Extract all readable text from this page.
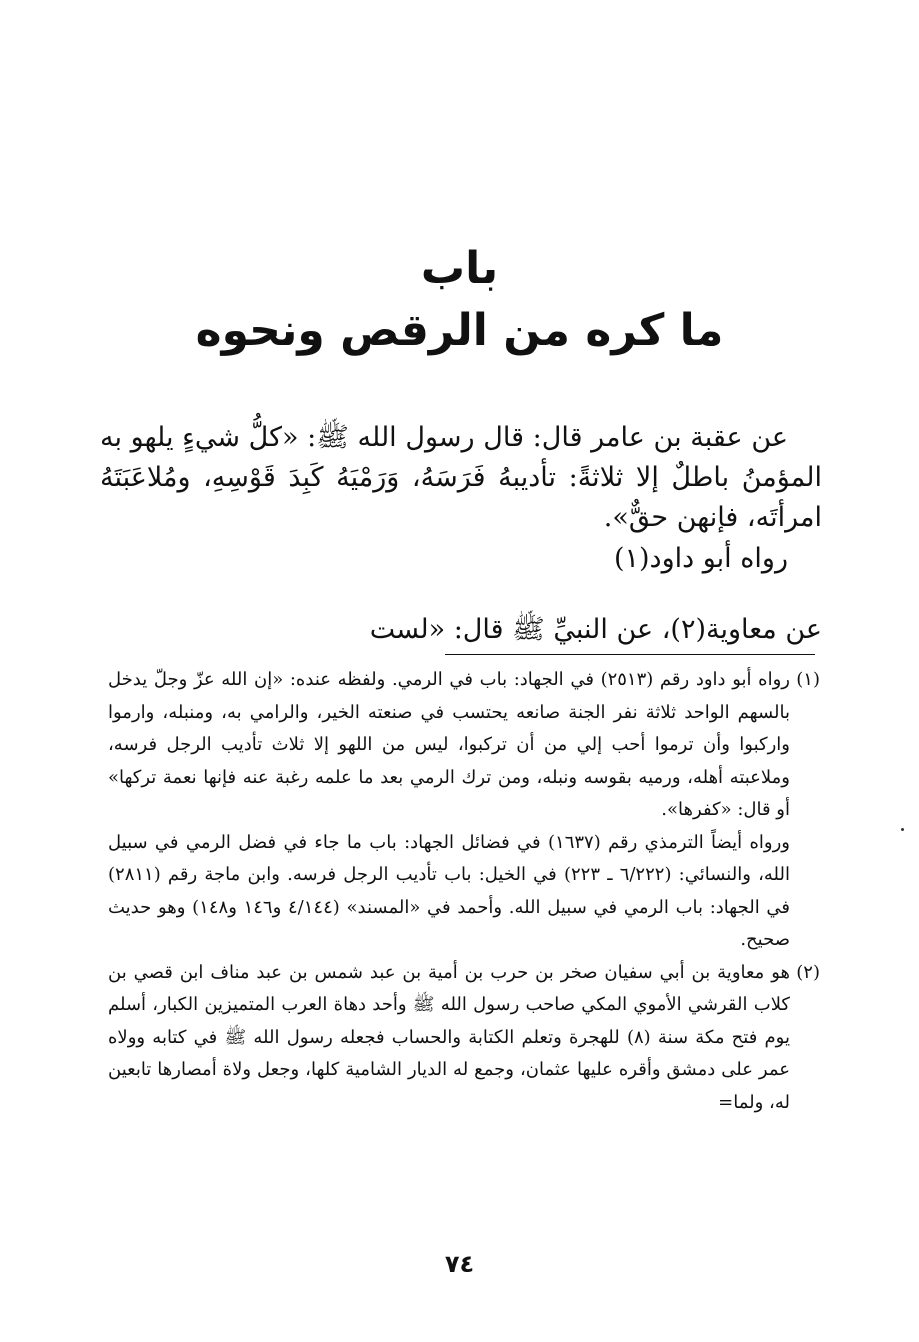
باب
ما كره من الرقص ونحوه

عن عقبة بن عامر قال: قال رسول الله ﷺ: «كلُّ شيءٍ يلهو به المؤمنُ باطلٌ إلا ثلاثةً: تأديبهُ فَرَسَهُ، وَرَمْيَهُ كَبِدَ قَوْسِهِ، ومُلاعَبَتَهُ امرأتَه، فإنهن حقٌّ».

رواه أبو داود(١)

عن معاوية(٢)، عن النبيِّ ﷺ قال: «لست

(١)
رواه أبو داود رقم (٢٥١٣) في الجهاد: باب في الرمي. ولفظه عنده: «إن الله عزّ وجلّ يدخل بالسهم الواحد ثلاثة نفر الجنة صانعه يحتسب في صنعته الخير، والرامي به، ومنبله، وارموا واركبوا وأن ترموا أحب إلي من أن تركبوا، ليس من اللهو إلا ثلاث تأديب الرجل فرسه، وملاعبته أهله، ورميه بقوسه ونبله، ومن ترك الرمي بعد ما علمه رغبة عنه فإنها نعمة تركها» أو قال: «كفرها».

ورواه أيضاً الترمذي رقم (١٦٣٧) في فضائل الجهاد: باب ما جاء في فضل الرمي في سبيل الله، والنسائي: (٦/٢٢٢ ـ ٢٢٣) في الخيل: باب تأديب الرجل فرسه. وابن ماجة رقم (٢٨١١) في الجهاد: باب الرمي في سبيل الله. وأحمد في «المسند» (٤/١٤٤ و١٤٦ و١٤٨) وهو حديث صحيح.

(٢)
هو معاوية بن أبي سفيان صخر بن حرب بن أمية بن عبد شمس بن عبد مناف ابن قصي بن كلاب القرشي الأموي المكي صاحب رسول الله ﷺ وأحد دهاة العرب المتميزين الكبار، أسلم يوم فتح مكة سنة (٨) للهجرة وتعلم الكتابة والحساب فجعله رسول الله ﷺ في كتابه وولاه عمر على دمشق وأقره عليها عثمان، وجمع له الديار الشامية كلها، وجعل ولاة أمصارها تابعين له، ولما=

٧٤
